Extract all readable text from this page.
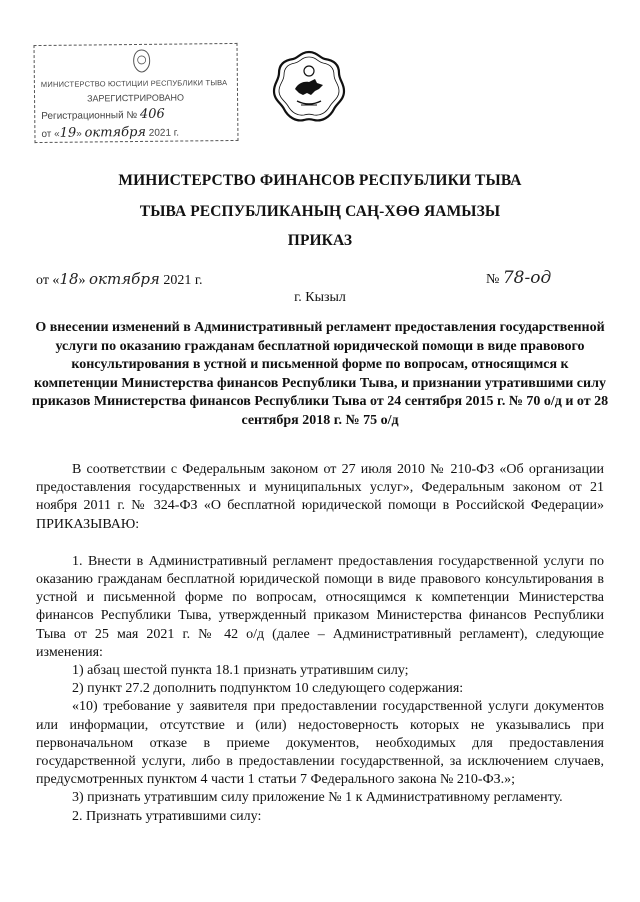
МИНИСТЕРСТВО ЮСТИЦИИ РЕСПУБЛИКИ ТЫВА
ЗАРЕГИСТРИРОВАНО
Регистрационный № 406
от «19» октября 2021 г.
МИНИСТЕРСТВО ФИНАНСОВ РЕСПУБЛИКИ ТЫВА
ТЫВА РЕСПУБЛИКАНЫҢ САҢ-ХӨӨ ЯАМЫЗЫ
ПРИКАЗ
от «18» октября 2021 г.	№ 78-од
г. Кызыл
О внесении изменений в Административный регламент предоставления государственной услуги по оказанию гражданам бесплатной юридической помощи в виде правового консультирования в устной и письменной форме по вопросам, относящимся к компетенции Министерства финансов Республики Тыва, и признании утратившими силу приказов Министерства финансов Республики Тыва от 24 сентября 2015 г. № 70 о/д и от 28 сентября 2018 г. № 75 о/д

В соответствии с Федеральным законом от 27 июля 2010 № 210-ФЗ «Об организации предоставления государственных и муниципальных услуг», Федеральным законом от 21 ноября 2011 г. № 324-ФЗ «О бесплатной юридической помощи в Российской Федерации» ПРИКАЗЫВАЮ:

1. Внести в Административный регламент предоставления государственной услуги по оказанию гражданам бесплатной юридической помощи в виде правового консультирования в устной и письменной форме по вопросам, относящимся к компетенции Министерства финансов Республики Тыва, утвержденный приказом Министерства финансов Республики Тыва от 25 мая 2021 г. № 42 о/д (далее – Административный регламент), следующие изменения:

1) абзац шестой пункта 18.1 признать утратившим силу;

2) пункт 27.2 дополнить подпунктом 10 следующего содержания:

«10) требование у заявителя при предоставлении государственной услуги документов или информации, отсутствие и (или) недостоверность которых не указывались при первоначальном отказе в приеме документов, необходимых для предоставления государственной услуги, либо в предоставлении государственной, за исключением случаев, предусмотренных пунктом 4 части 1 статьи 7 Федерального закона № 210-ФЗ.»;

3) признать утратившим силу приложение № 1 к Административному регламенту.

2. Признать утратившими силу:
